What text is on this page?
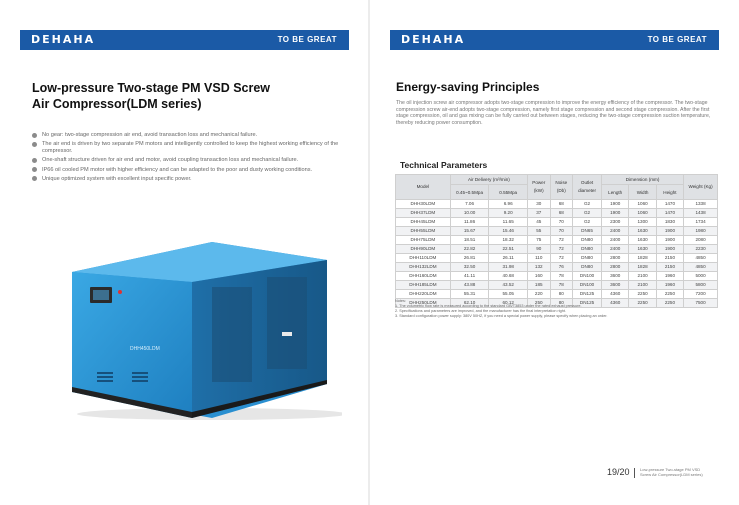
DEHAHA	TO BE GREAT
Low-pressure Two-stage PM VSD Screw
Air Compressor(LDM series)
No gear: two-stage compression air end, avoid transaction loss and mechanical failure.
The air end is driven by two separate PM motors and intelligently controlled to keep the highest working efficiency of the compressor.
One-shaft structure driven for air end and motor, avoid coupling transaction loss and mechanical failure.
IP66 oil cooled PM motor with higher efficiency and can be adapted to the poor and dusty working conditions.
Unique optimized system with excellent input specific power.
DHH450LDM
DEHAHA	TO BE GREAT
Energy-saving Principles
The oil injection screw air compressor adopts two-stage compression to improve the energy efficiency of the compressor. The two-stage compression screw air-end adopts two-stage compression, namely first stage compression and second stage compression. After the first stage compression, oil and gas mixing can be fully carried out between stages, reducing the two-stage compression suction temperature, thereby reducing power consumption.
Technical Parameters
Model	Air Delivery (m³/min)		Power (kW)	Noise (Db)	Outlet diameter	Dimension (mm)			Weight (Kg)
	0.45~0.5Mpa	0.55Mpa				Length	Width	Height	
DHH30LDM	7.06	6.96	30	68	G2	1900	1060	1470	1338
DHH37LDM	10.00	9.20	37	68	G2	1900	1060	1470	1438
DHH45LDM	11.86	11.65	45	70	G2	2300	1300	1830	1734
DHH55LDM	15.67	15.46	55	70	DN65	2400	1630	1900	1980
DHH75LDM	18.51	18.32	75	72	DN80	2400	1630	1900	2080
DHH90LDM	22.82	22.51	90	72	DN80	2400	1630	1900	2230
DHH110LDM	26.81	26.11	110	72	DN80	2800	1828	2150	4850
DHH132LDM	32.50	31.98	132	76	DN80	2800	1828	2150	4850
DHH160LDM	41.11	40.68	160	78	DN100	3600	2100	1960	5000
DHH185LDM	43.88	43.52	185	78	DN100	3600	2100	1960	5800
DHH220LDM	55.31	55.05	220	80	DN125	4360	2250	2250	7200
DHH250LDM	62.10	60.12	250	80	DN125	4360	2250	2250	7500
Notes:
1. The volumetric flow rate is measured according to the standard GB/T3853 under the rated exhaust pressure.
2. Specifications and parameters are improved, and the manufacturer has the final interpretation right.
3. Standard configuration power supply: 380V 50HZ, if you need a special power supply, please specify when placing an order.
19/20	Low-pressure Two-stage PM VSD
Screw Air Compressor(LDM series)
